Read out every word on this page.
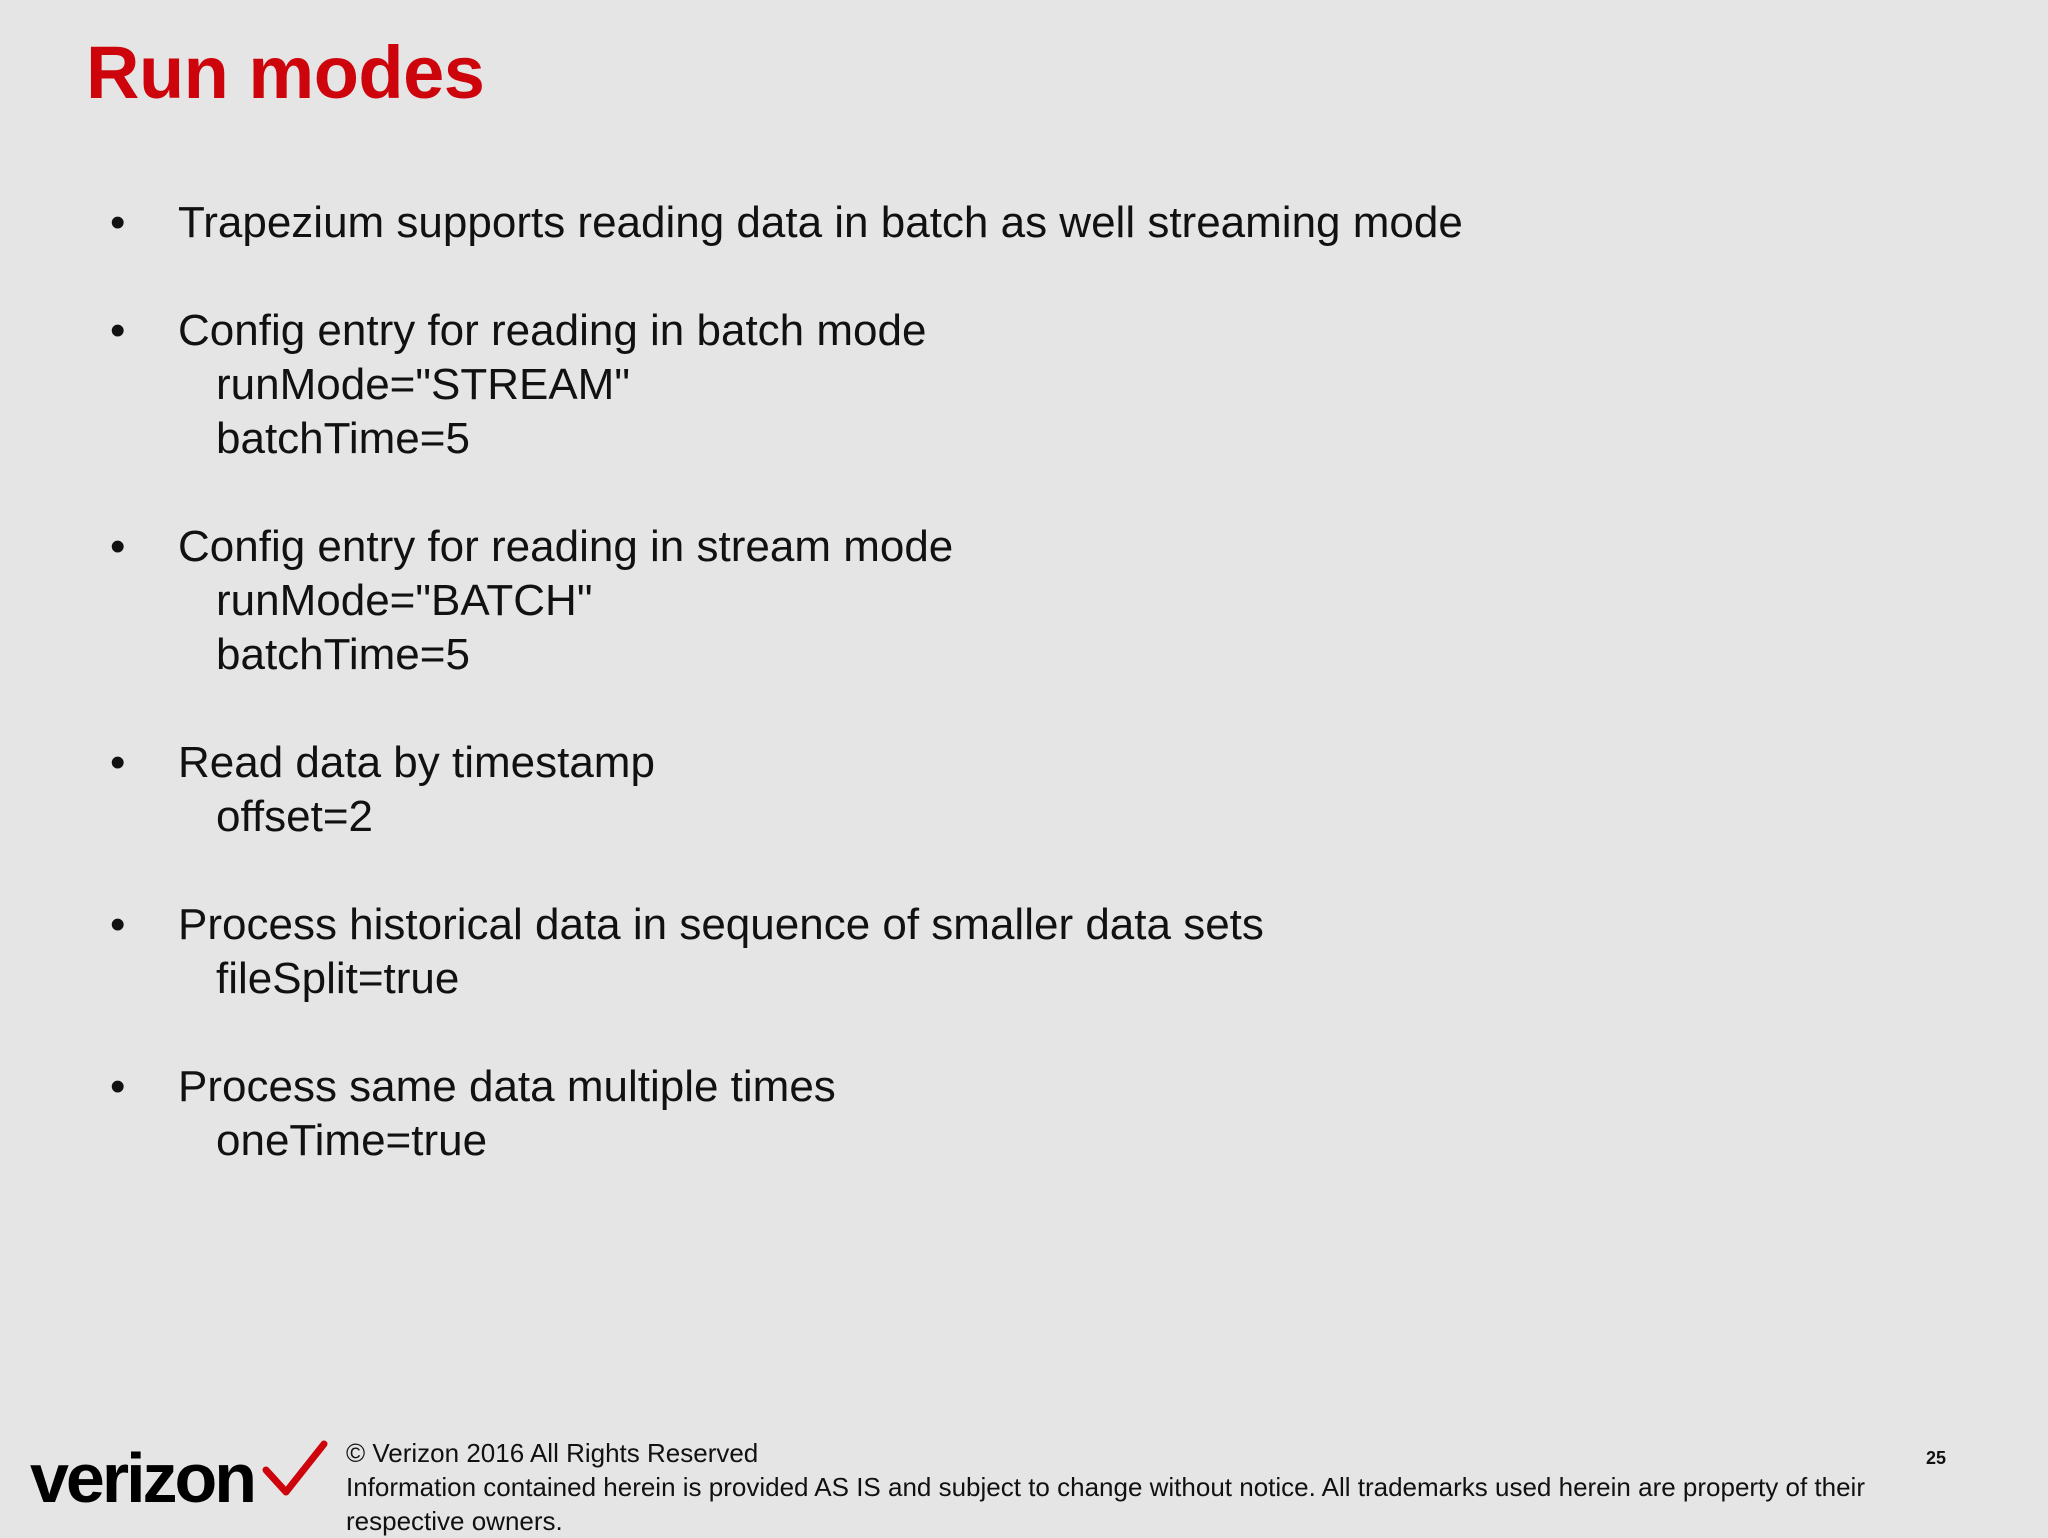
Run modes
• Trapezium supports reading data in batch as well streaming mode
• Config entry for reading in batch mode
runMode="STREAM"
batchTime=5
• Config entry for reading in stream mode
runMode="BATCH"
batchTime=5
• Read data by timestamp
offset=2
• Process historical data in sequence of smaller data sets
fileSplit=true
• Process same data multiple times
oneTime=true
verizon	© Verizon 2016 All Rights Reserved
Information contained herein is provided AS IS and subject to change without notice. All trademarks used herein are property of their respective owners.
25
